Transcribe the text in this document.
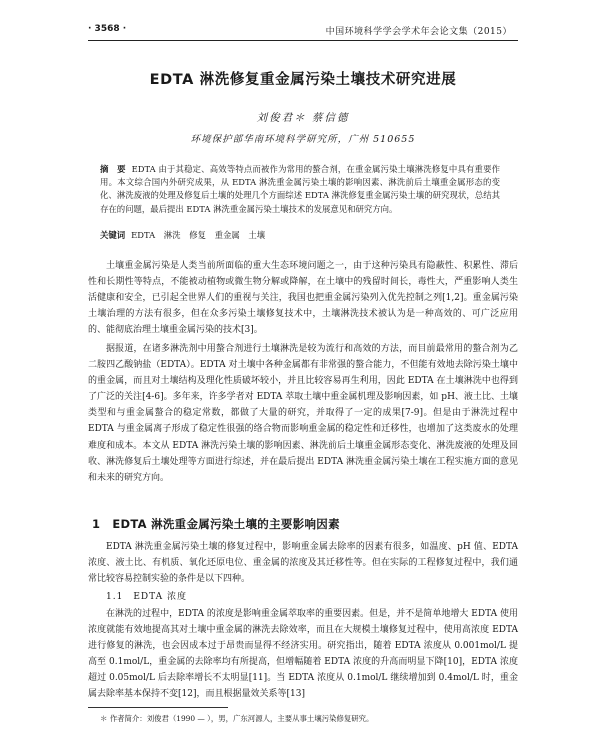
· 3568 ·	中国环境科学学会学术年会论文集（2015）
EDTA 淋洗修复重金属污染土壤技术研究进展
刘俊君＊ 蔡信德
环境保护部华南环境科学研究所，广州 510655
摘　要 EDTA 由于其稳定、高效等特点而被作为常用的螯合剂，在重金属污染土壤淋洗修复中具有重要作用。本文综合国内外研究成果，从 EDTA 淋洗重金属污染土壤的影响因素、淋洗前后土壤重金属形态的变化、淋洗废液的处理及修复后土壤的处理几个方面综述 EDTA 淋洗修复重金属污染土壤的研究现状，总结其存在的问题，最后提出 EDTA 淋洗重金属污染土壤技术的发展意见和研究方向。
关键词 EDTA 淋洗 修复 重金属 土壤

土壤重金属污染是人类当前所面临的重大生态环境问题之一，由于这种污染具有隐蔽性、积累性、滞后性和长期性等特点，不能被动植物或微生物分解或降解，在土壤中的残留时间长，毒性大，严重影响人类生活健康和安全，已引起全世界人们的重视与关注，我国也把重金属污染列入优先控制之列[1,2]。重金属污染土壤治理的方法有很多，但在众多污染土壤修复技术中，土壤淋洗技术被认为是一种高效的、可广泛应用的、能彻底治理土壤重金属污染的技术[3]。

据报道，在诸多淋洗剂中用螯合剂进行土壤淋洗是较为流行和高效的方法，而目前最常用的螯合剂为乙二胺四乙酸钠盐（EDTA）。EDTA 对土壤中各种金属都有非常强的螯合能力，不但能有效地去除污染土壤中的重金属，而且对土壤结构及理化性质破坏较小，并且比较容易再生利用，因此 EDTA 在土壤淋洗中也得到了广泛的关注[4-6]。多年来，许多学者对 EDTA 萃取土壤中重金属机理及影响因素，如 pH、液土比、土壤类型和与重金属螯合的稳定常数，都做了大量的研究，并取得了一定的成果[7-9]。但是由于淋洗过程中 EDTA 与重金属离子形成了稳定性很强的络合物而影响重金属的稳定性和迁移性，也增加了这类废水的处理难度和成本。本文从 EDTA 淋洗污染土壤的影响因素、淋洗前后土壤重金属形态变化、淋洗废液的处理及回收、淋洗修复后土壤处理等方面进行综述，并在最后提出 EDTA 淋洗重金属污染土壤在工程实施方面的意见和未来的研究方向。

1 EDTA 淋洗重金属污染土壤的主要影响因素

EDTA 淋洗重金属污染土壤的修复过程中，影响重金属去除率的因素有很多，如温度、pH 值、EDTA 浓度、液土比、有机质、氧化还原电位、重金属的浓度及其迁移性等。但在实际的工程修复过程中，我们通常比较容易控制实验的条件是以下四种。

1.1 EDTA 浓度

在淋洗的过程中，EDTA 的浓度是影响重金属萃取率的重要因素。但是，并不是简单地增大 EDTA 使用浓度就能有效地提高其对土壤中重金属的淋洗去除效率，而且在大规模土壤修复过程中，使用高浓度 EDTA 进行修复的淋洗，也会因成本过于昂贵而显得不经济实用。研究指出，随着 EDTA 浓度从 0.001mol/L 提高至 0.1mol/L，重金属的去除率均有所提高，但增幅随着 EDTA 浓度的升高而明显下降[10]，EDTA 浓度超过 0.05mol/L 后去除率增长不太明显[11]。当 EDTA 浓度从 0.1mol/L 继续增加到 0.4mol/L 时，重金属去除率基本保持不变[12]，而且根据量效关系等[13]

＊ 作者简介：刘俊君（1990 — ），男，广东河源人，主要从事土壤污染修复研究。
